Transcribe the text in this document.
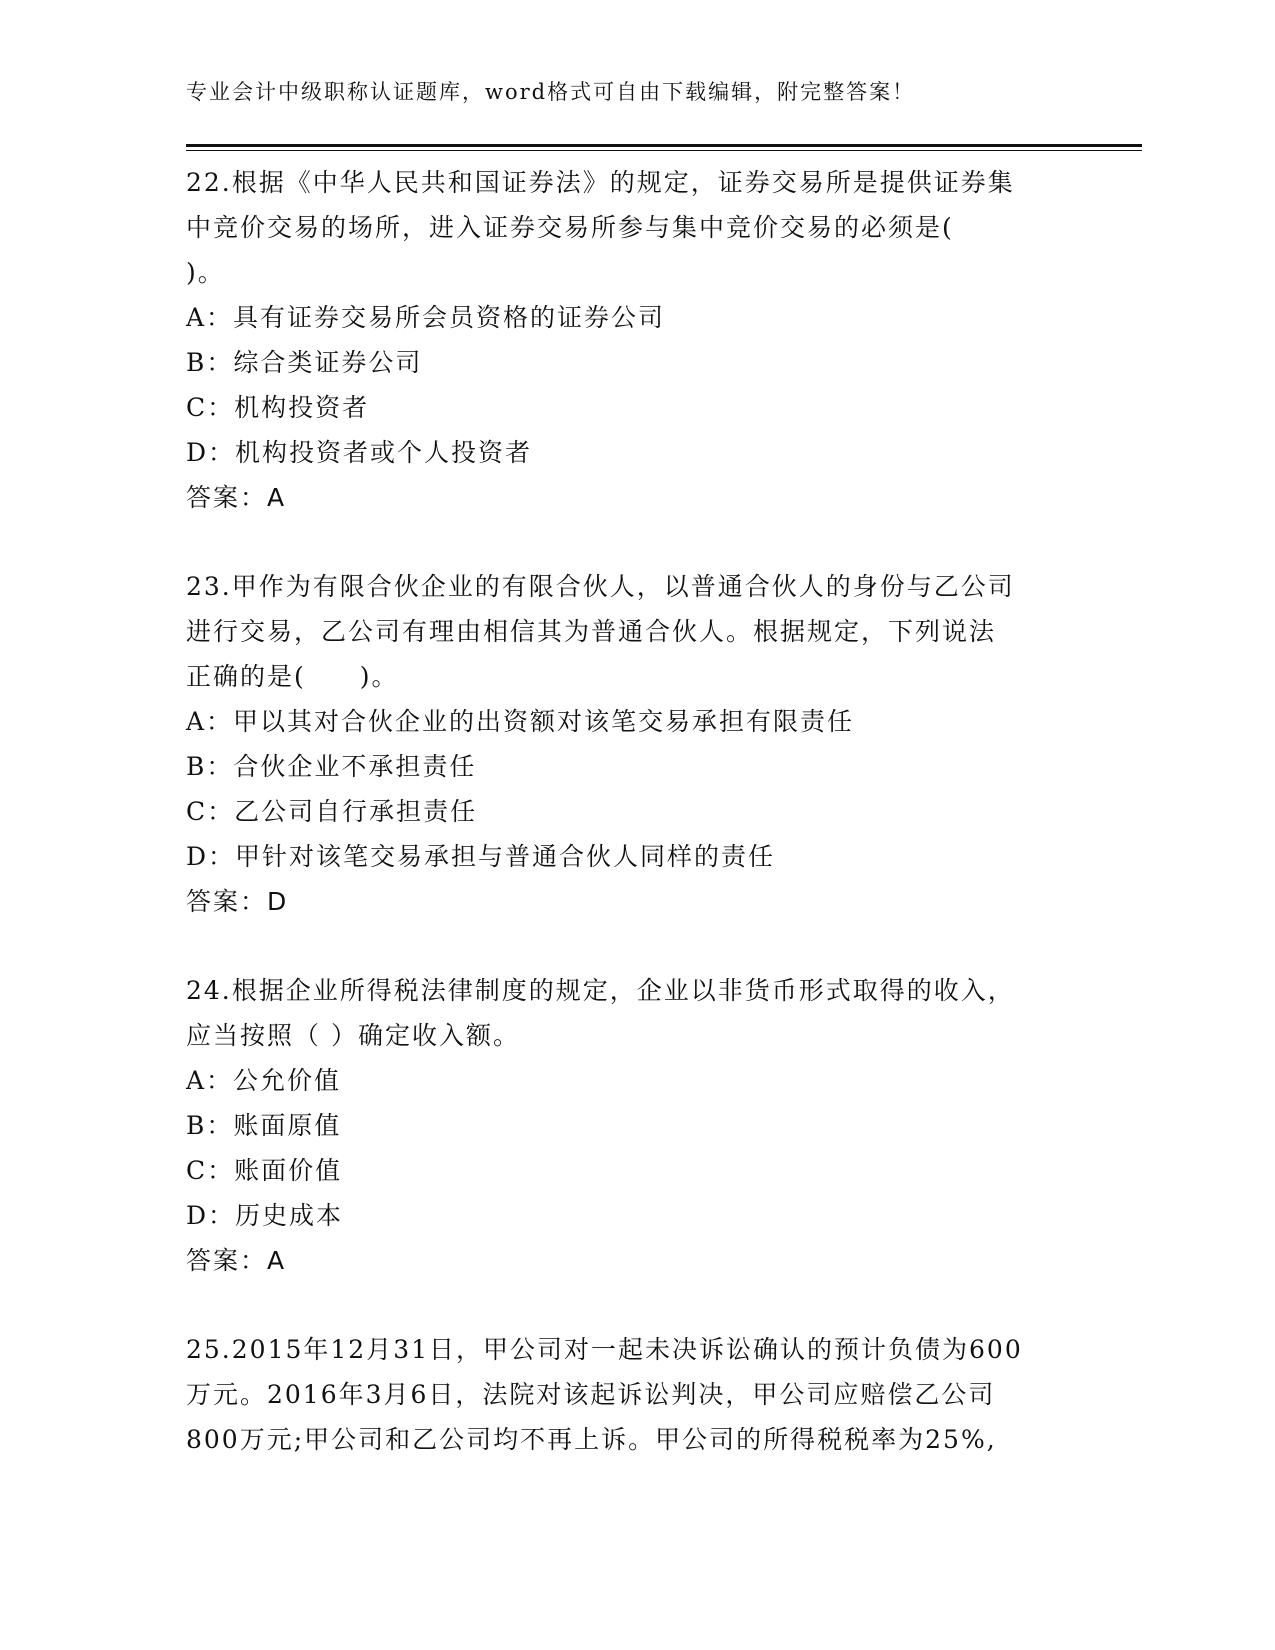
专业会计中级职称认证题库，word格式可自由下载编辑，附完整答案！
22.根据《中华人民共和国证券法》的规定，证券交易所是提供证券集
中竞价交易的场所，进入证券交易所参与集中竞价交易的必须是(
)。
A：具有证券交易所会员资格的证券公司
B：综合类证券公司
C：机构投资者
D：机构投资者或个人投资者
答案：A
23.甲作为有限合伙企业的有限合伙人，以普通合伙人的身份与乙公司
进行交易，乙公司有理由相信其为普通合伙人。根据规定，下列说法
正确的是(　　)。
A：甲以其对合伙企业的出资额对该笔交易承担有限责任
B：合伙企业不承担责任
C：乙公司自行承担责任
D：甲针对该笔交易承担与普通合伙人同样的责任
答案：D
24.根据企业所得税法律制度的规定，企业以非货币形式取得的收入，
应当按照（ ）确定收入额。
A：公允价值
B：账面原值
C：账面价值
D：历史成本
答案：A
25.2015年12月31日，甲公司对一起未决诉讼确认的预计负债为600
万元。2016年3月6日，法院对该起诉讼判决，甲公司应赔偿乙公司
800万元;甲公司和乙公司均不再上诉。甲公司的所得税税率为25%,
